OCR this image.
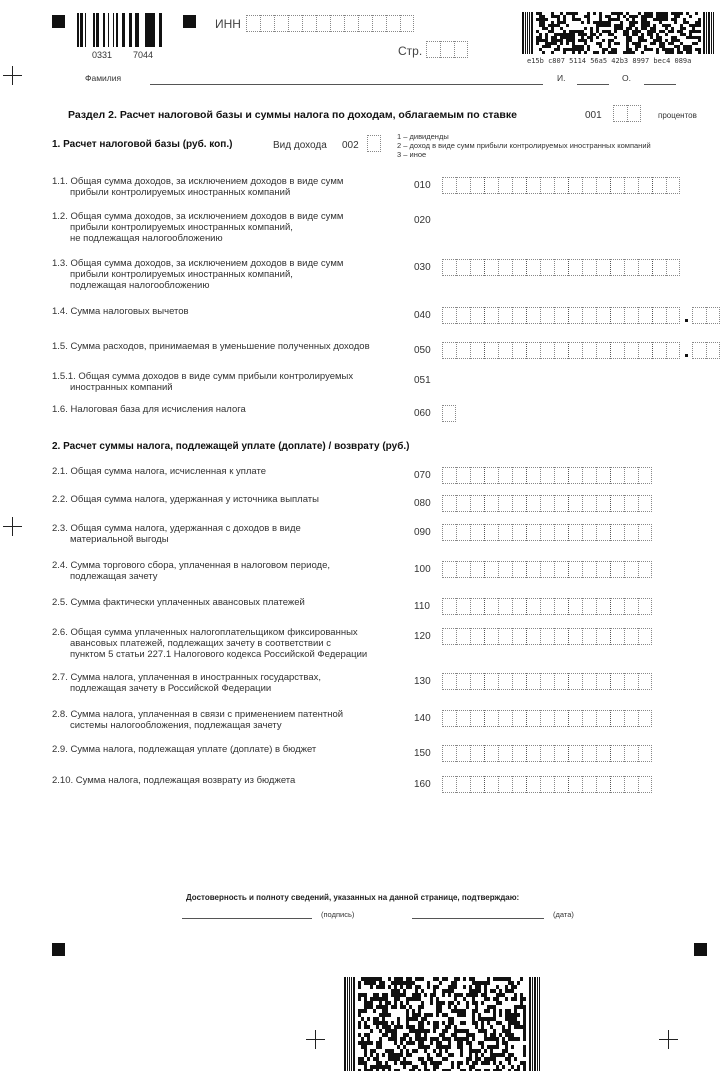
0331 7044
ИНН
Стр.
e15b c807 5114 56a5 42b3 8997 bec4 089a
Фамилия	И.	О.
Раздел 2. Расчет налоговой базы и суммы налога по доходам, облагаемым по ставке	001	процентов
1. Расчет налоговой базы (руб. коп.)	Вид дохода 002
1 – дивиденды
2 – доход в виде сумм прибыли контролируемых иностранных компаний
3 – иное
1.1. Общая сумма доходов, за исключением доходов в виде сумм
прибыли контролируемых иностранных компаний
010
1.2. Общая сумма доходов, за исключением доходов в виде сумм
прибыли контролируемых иностранных компаний,
не подлежащая налогообложению
020
1.3. Общая сумма доходов, за исключением доходов в виде сумм
прибыли контролируемых иностранных компаний,
подлежащая налогообложению
030
1.4. Сумма налоговых вычетов	040
1.5. Сумма расходов, принимаемая в уменьшение полученных доходов	050
1.5.1. Общая сумма доходов в виде сумм прибыли контролируемых
иностранных компаний
051
1.6. Налоговая база для исчисления налога	060
2. Расчет суммы налога, подлежащей уплате (доплате) / возврату (руб.)
2.1. Общая сумма налога, исчисленная к уплате	070
2.2. Общая сумма налога, удержанная у источника выплаты	080
2.3. Общая сумма налога, удержанная с доходов в виде
материальной выгоды
090
2.4. Сумма торгового сбора, уплаченная в налоговом периоде,
подлежащая зачету
100
2.5. Сумма фактически уплаченных авансовых платежей	110
2.6. Общая сумма уплаченных налогоплательщиком фиксированных
авансовых платежей, подлежащих зачету в соответствии с
пунктом 5 статьи 227.1 Налогового кодекса Российской Федерации
120
2.7. Сумма налога, уплаченная в иностранных государствах,
подлежащая зачету в Российской Федерации
130
2.8. Сумма налога, уплаченная в связи с применением патентной
системы налогообложения, подлежащая зачету
140
2.9. Сумма налога, подлежащая уплате (доплате) в бюджет	150
2.10. Сумма налога, подлежащая возврату из бюджета	160
Достоверность и полноту сведений, указанных на данной странице, подтверждаю:
(подпись)	(дата)
